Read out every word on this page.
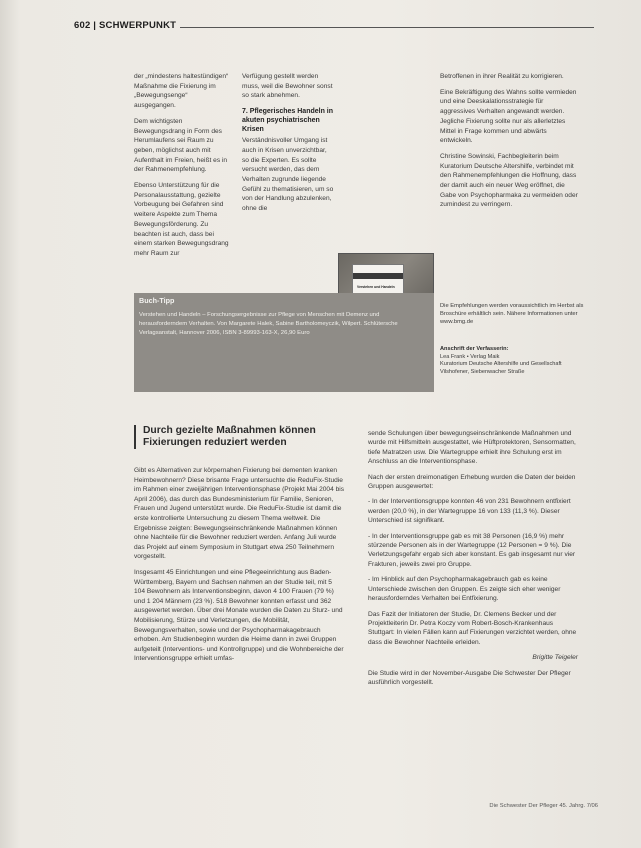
602 | SCHWERPUNKT

der „mindestens haltestündigen“ Maßnahme die Fixierung im „Bewegungsenge“ ausgegangen.

Dem wichtigsten Bewegungsdrang in Form des Herumlaufens sei Raum zu geben, möglichst auch mit Aufenthalt im Freien, heißt es in der Rahmenempfehlung.

Ebenso Unterstützung für die Personalausstattung, gezielte Vorbeugung bei Gefahren sind weitere Aspekte zum Thema Bewegungsförderung. Zu beachten ist auch, dass bei einem starken Bewegungsdrang mehr Raum zur

Verfügung gestellt werden muss, weil die Bewohner sonst so stark abnehmen.

7. Pflegerisches Handeln in akuten psychiatrischen Krisen

Verständnisvoller Umgang ist auch in Krisen unverzichtbar, so die Experten. Es sollte versucht werden, das dem Verhalten zugrunde liegende Gefühl zu thematisieren, um so von der Handlung abzulenken, ohne die

Betroffenen in ihrer Realität zu korrigieren.

Eine Bekräftigung des Wahns sollte vermieden und eine Deeskalationsstrategie für aggressives Verhalten angewandt werden. Jegliche Fixierung sollte nur als allerletztes Mittel in Frage kommen und abwärts entwickeln.

Christine Sowinski, Fachbegleiterin beim Kuratorium Deutsche Altershilfe, verbindet mit den Rahmenempfehlungen die Hoffnung, dass der damit auch ein neuer Weg eröffnet, die Gabe von Psychopharmaka zu vermeiden oder zumindest zu verringern.

Verstehen und Handeln
Buch-Tipp
Verstehen und Handeln – Forschungsergebnisse zur Pflege von Menschen mit Demenz und herausforderndem Verhalten. Von Margarete Halek, Sabine Bartholomeyczik, Wilpert. Schlütersche Verlagsanstalt, Hannover 2006, ISBN 3-89993-163-X, 26,90 Euro
Die Empfehlungen werden voraussichtlich im Herbst als Broschüre erhältlich sein. Nähere Informationen unter www.bmg.de
Anschrift der Verfasserin:
Lea Frank • Verlag Maik
Kuratorium Deutsche Altershilfe und Gesellschaft
Vilshofener, Siebenwacher Straße
Durch gezielte Maßnahmen können Fixierungen reduziert werden

Gibt es Alternativen zur körpernahen Fixierung bei dementen kranken Heimbewohnern? Diese brisante Frage untersuchte die ReduFix-Studie im Rahmen einer zweijährigen Interventionsphase (Projekt Mai 2004 bis April 2006), das durch das Bundesministerium für Familie, Senioren, Frauen und Jugend unterstützt wurde. Die ReduFix-Studie ist damit die erste kontrollierte Untersuchung zu diesem Thema weltweit. Die Ergebnisse zeigten: Bewegungseinschränkende Maßnahmen können ohne Nachteile für die Bewohner reduziert werden. Anfang Juli wurde das Projekt auf einem Symposium in Stuttgart etwa 250 Teilnehmern vorgestellt.

Insgesamt 45 Einrichtungen und eine Pflegeeinrichtung aus Baden-Württemberg, Bayern und Sachsen nahmen an der Studie teil, mit 5 104 Bewohnern als Interventionsbeginn, davon 4 100 Frauen (79 %) und 1 204 Männern (23 %). 518 Bewohner konnten erfasst und 362 ausgewertet werden. Über drei Monate wurden die Daten zu Sturz- und Mobilisierung, Stürze und Verletzungen, die Mobilität, Bewegungsverhalten, sowie und der Psychopharmakagebrauch erhoben. Am Studienbeginn wurden die Heime dann in zwei Gruppen aufgeteilt (Interventions- und Kontrollgruppe) und die Wohnbereiche der Interventionsgruppe erhielt umfas-

sende Schulungen über bewegungseinschränkende Maßnahmen und wurde mit Hilfsmitteln ausgestattet, wie Hüftprotektoren, Sensormatten, tiefe Matratzen usw. Die Wartegruppe erhielt ihre Schulung erst im Anschluss an die Interventionsphase.

Nach der ersten dreimonatigen Erhebung wurden die Daten der beiden Gruppen ausgewertet:

- In der Interventionsgruppe konnten 46 von 231 Bewohnern entfixiert werden (20,0 %), in der Wartegruppe 16 von 133 (11,3 %). Dieser Unterschied ist signifikant.

- In der Interventionsgruppe gab es mit 38 Personen (16,9 %) mehr stürzende Personen als in der Wartegruppe (12 Personen = 9 %). Die Verletzungsgefahr ergab sich aber konstant. Es gab insgesamt nur vier Frakturen, jeweils zwei pro Gruppe.

- Im Hinblick auf den Psychopharmakagebrauch gab es keine Unterschiede zwischen den Gruppen. Es zeigte sich eher weniger herausforderndes Verhalten bei Entfixierung.

Das Fazit der Initiatoren der Studie, Dr. Clemens Becker und der Projektleiterin Dr. Petra Koczy vom Robert-Bosch-Krankenhaus Stuttgart: In vielen Fällen kann auf Fixierungen verzichtet werden, ohne dass die Bewohner Nachteile erleiden.

Brigitte Teigeler

Die Studie wird in der November-Ausgabe Die Schwester Der Pfleger ausführlich vorgestellt.

Die Schwester Der Pfleger 45. Jahrg. 7/06
